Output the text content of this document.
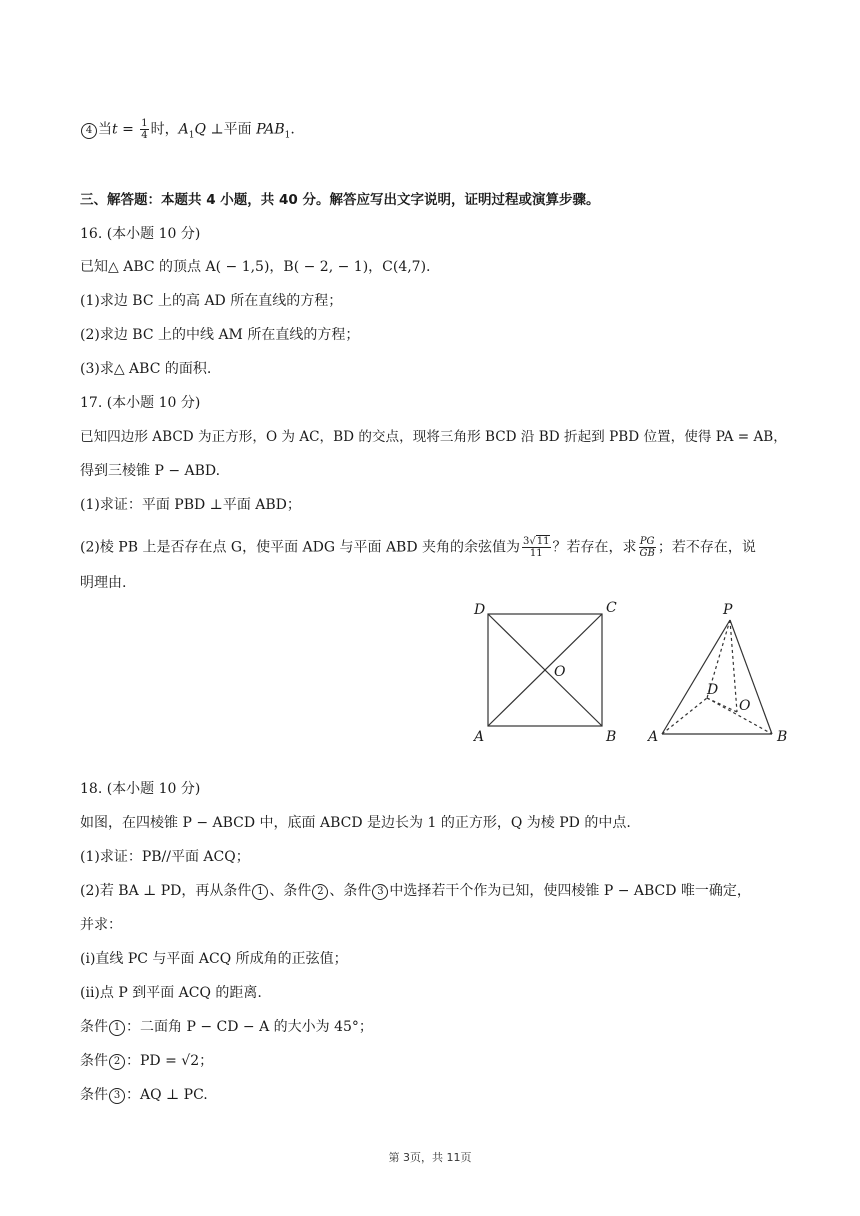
4 当$t = \frac{1}{4}$ 时，$A_1Q$ ⊥平面 $PAB_1$.
三、解答题：本题共 4 小题，共 40 分。解答应写出文字说明，证明过程或演算步骤。
16. (本小题 10 分)
已知△ ABC 的顶点 A( − 1,5)，B( − 2, − 1)，C(4,7).
(1)求边 BC 上的高 AD 所在直线的方程；
(2)求边 BC 上的中线 AM 所在直线的方程；
(3)求△ ABC 的面积.
17. (本小题 10 分)
已知四边形 ABCD 为正方形，O 为 AC，BD 的交点，现将三角形 BCD 沿 BD 折起到 PBD 位置，使得 PA = AB，
得到三棱锥 P − ABD.
(1)求证：平面 PBD ⊥平面 ABD；
(2)棱 PB 上是否存在点 G，使平面 ADG 与平面 ABD 夹角的余弦值为 $\frac{3√11}{11}$ ？若存在，求 $\frac{PG}{GB}$ ；若不存在，说
明理由.
D	C
O
A	B
P
D
O
A	B
18. (本小题 10 分)
如图，在四棱锥 P − ABCD 中，底面 ABCD 是边长为 1 的正方形，Q 为棱 PD 的中点.
(1)求证：PB//平面 ACQ；
(2)若 BA ⊥ PD，再从条件 1 、条件 2 、条件 3 中选择若干个作为已知，使四棱锥 P − ABCD 唯一确定，
并求：
(i)直线 PC 与平面 ACQ 所成角的正弦值；
(ii)点 P 到平面 ACQ 的距离.
条件 1 ：二面角 P − CD − A 的大小为 45°；
条件 2 ：PD = √2；
条件 3 ：AQ ⊥ PC.
第 3页，共 11页
